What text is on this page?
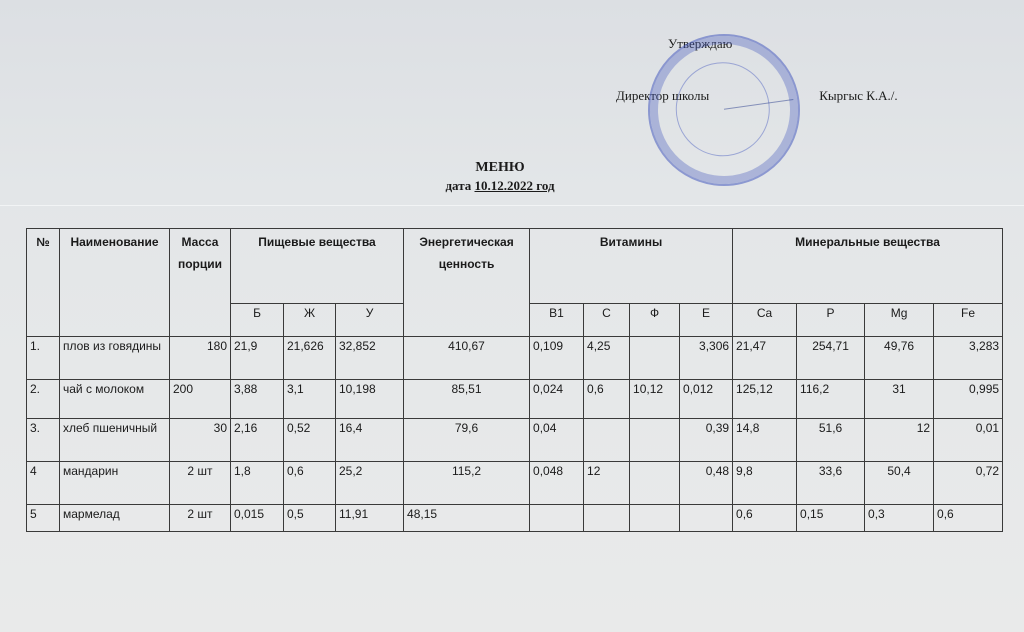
Утверждаю
Директор школы	Кыргыс К.А./.
МЕНЮ
дата 10.12.2022 год
№	Наименование	Масса порции	Пищевые вещества			Энергетическая ценность	Витамины				Минеральные вещества			
			Б	Ж	У		B1	С	Ф	Е	Ca	P	Mg	Fe
1.	плов из говядины	180	21,9	21,626	32,852	410,67	0,109	4,25		3,306	21,47	254,71	49,76	3,283
2.	чай с молоком	200	3,88	3,1	10,198	85,51	0,024	0,6	10,12	0,012	125,12	116,2	31	0,995
3.	хлеб пшеничный	30	2,16	0,52	16,4	79,6	0,04			0,39	14,8	51,6	12	0,01
4	мандарин	2 шт	1,8	0,6	25,2	115,2	0,048	12		0,48	9,8	33,6	50,4	0,72
5	мармелад	2 шт	0,015	0,5	11,91	48,15					0,6	0,15	0,3	0,6
